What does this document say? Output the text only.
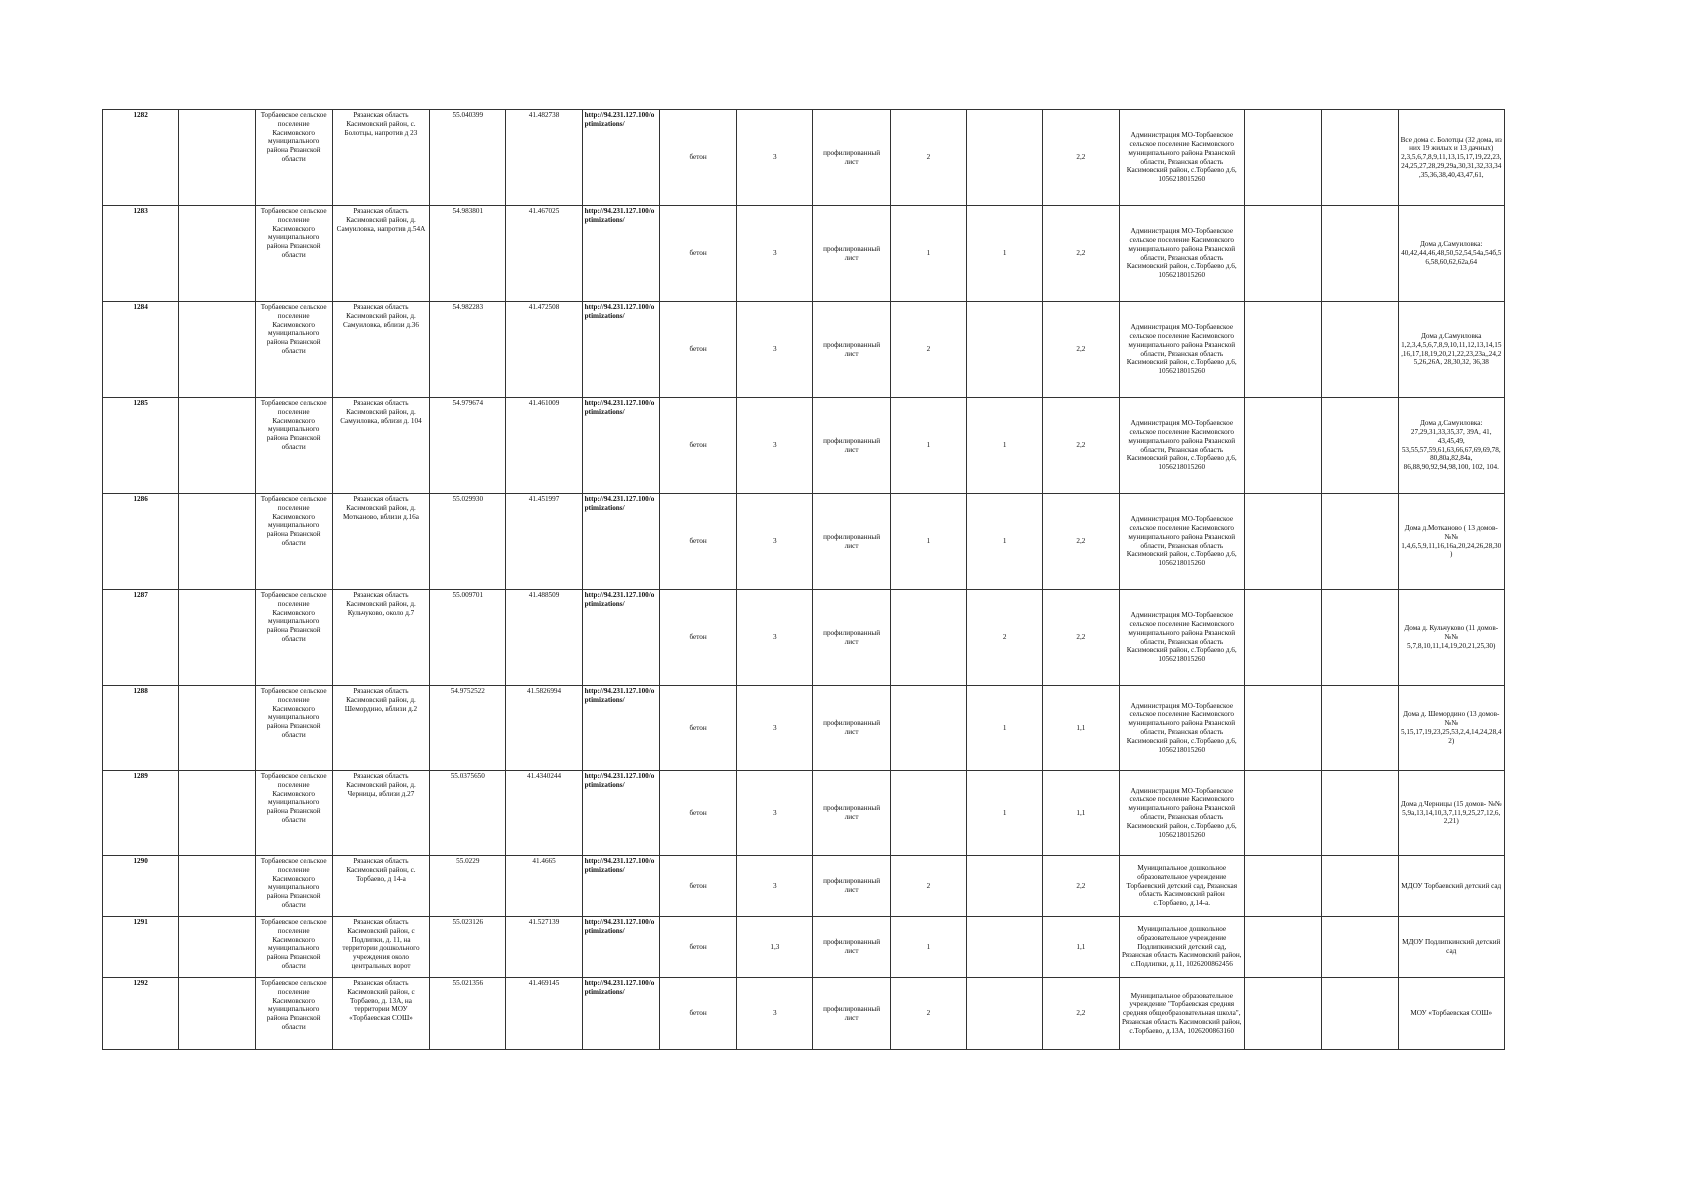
1282		Торбаевское сельское поселение Касимовского муниципального района Рязанской области	Рязанская область Касимовский район, с. Болотцы, напротив д 23	55.040399	41.482738	http://94.231.127.100/optimizations/	бетон	3	профилированный лист	2		2,2	Администрация МО-Торбаевское сельское поселение Касимовского муниципального района Рязанской области, Рязанская область Касимовский район, с.Торбаево д.6, 1056218015260			Все дома с. Болотцы (32 дома, из них 19 жилых и 13 дачных) 2,3,5,6,7,8,9,11,13,15,17,19,22,23,24,25,27,28,29,29а,30,31,32,33,34,35,36,38,40,43,47,61,
1283		Торбаевское сельское поселение Касимовского муниципального района Рязанской области	Рязанская область Касимовский район, д. Самуиловка, напротив д.54А	54.983801	41.467025	http://94.231.127.100/optimizations/	бетон	3	профилированный лист	1	1	2,2	Администрация МО-Торбаевское сельское поселение Касимовского муниципального района Рязанской области, Рязанская область Касимовский район, с.Торбаево д.6, 1056218015260			Дома д.Самуиловка: 40,42,44,46,48,50,52,54,54а,54б,56,58,60,62,62а,64
1284		Торбаевское сельское поселение Касимовского муниципального района Рязанской области	Рязанская область Касимовский район, д. Самуиловка, вблизи д.36	54.982283	41.472508	http://94.231.127.100/optimizations/	бетон	3	профилированный лист	2		2,2	Администрация МО-Торбаевское сельское поселение Касимовского муниципального района Рязанской области, Рязанская область Касимовский район, с.Торбаево д.6, 1056218015260			Дома д.Самуиловка 1,2,3,4,5,6,7,8,9,10,11,12,13,14,15,16,17,18,19,20,21,22,23,23а,,24,25,26,26А, 28,30,32, 36,38
1285		Торбаевское сельское поселение Касимовского муниципального района Рязанской области	Рязанская область Касимовский район, д. Самуиловка, вблизи д. 104	54.979674	41.461009	http://94.231.127.100/optimizations/	бетон	3	профилированный лист	1	1	2,2	Администрация МО-Торбаевское сельское поселение Касимовского муниципального района Рязанской области, Рязанская область Касимовский район, с.Торбаево д.6, 1056218015260			Дома д.Самуиловка: 27,29,31,33,35,37, 39А, 41, 43,45,49, 53,55,57,59,61,63,66,67,69,69,78,80,80а,82,84а, 86,88,90,92,94,98,100, 102, 104.
1286		Торбаевское сельское поселение Касимовского муниципального района Рязанской области	Рязанская область Касимовский район, д. Мотканово, вблизи д.16а	55.029930	41.451997	http://94.231.127.100/optimizations/	бетон	3	профилированный лист	1	1	2,2	Администрация МО-Торбаевское сельское поселение Касимовского муниципального района Рязанской области, Рязанская область Касимовский район, с.Торбаево д.6, 1056218015260			Дома д.Мотканово ( 13 домов- №№ 1,4,6,5,9,11,16,16а,20,24,26,28,30)
1287		Торбаевское сельское поселение Касимовского муниципального района Рязанской области	Рязанская область Касимовский район, д. Кульчуково, около д.7	55.009701	41.488509	http://94.231.127.100/optimizations/	бетон	3	профилированный лист		2	2,2	Администрация МО-Торбаевское сельское поселение Касимовского муниципального района Рязанской области, Рязанская область Касимовский район, с.Торбаево д.6, 1056218015260			Дома д. Кульчуково (11 домов- №№ 5,7,8,10,11,14,19,20,21,25,30)
1288		Торбаевское сельское поселение Касимовского муниципального района Рязанской области	Рязанская область Касимовский район, д. Шемордино, вблизи д.2	54.9752522	41.5826994	http://94.231.127.100/optimizations/	бетон	3	профилированный лист		1	1,1	Администрация МО-Торбаевское сельское поселение Касимовского муниципального района Рязанской области, Рязанская область Касимовский район, с.Торбаево д.6, 1056218015260			Дома д. Шемордино (13 домов- №№ 5,15,17,19,23,25,53,2,4,14,24,28,42)
1289		Торбаевское сельское поселение Касимовского муниципального района Рязанской области	Рязанская область Касимовский район, д. Черницы, вблизи д.27	55.0375650	41.4340244	http://94.231.127.100/optimizations/	бетон	3	профилированный лист		1	1,1	Администрация МО-Торбаевское сельское поселение Касимовского муниципального района Рязанской области, Рязанская область Касимовский район, с.Торбаево д.6, 1056218015260			Дома д.Черницы (15 домов- №№ 5,9а,13,14,10,3,7,11,9,25,27,12,6,2,21)
1290		Торбаевское сельское поселение Касимовского муниципального района Рязанской области	Рязанская область Касимовский район, с. Торбаево, д 14-а	55.0229	41.4665	http://94.231.127.100/optimizations/	бетон	3	профилированный лист	2		2,2	Муниципальное дошкольное образовательное учреждение Торбаевский детский сад, Рязанская область Касимовский район с.Торбаево, д.14-а.			МДОУ Торбаевский детский сад
1291		Торбаевское сельское поселение Касимовского муниципального района Рязанской области	Рязанская область Касимовский район, с Подлипки, д. 11, на территории дошкольного учреждения около центральных ворот	55.023126	41.527139	http://94.231.127.100/optimizations/	бетон	1,3	профилированный лист	1		1,1	Муниципальное дошкольное образовательное учреждение Подлипкинский детский сад, Рязанская область Касимовский район, с.Подлипки, д.11, 1026200862456			МДОУ Подлипкинский детский сад
1292		Торбаевское сельское поселение Касимовского муниципального района Рязанской области	Рязанская область Касимовский район, с Торбаево, д. 13А, на территории МОУ «Торбаевская СОШ»	55.021356	41.469145	http://94.231.127.100/optimizations/	бетон	3	профилированный лист	2		2,2	Муниципальное образовательное учреждение "Торбаевская средняя средняя общеобразовательная школа", Рязанская область Касимовский район, с.Торбаево, д.13А, 1026200863160			МОУ «Торбаевская СОШ»
